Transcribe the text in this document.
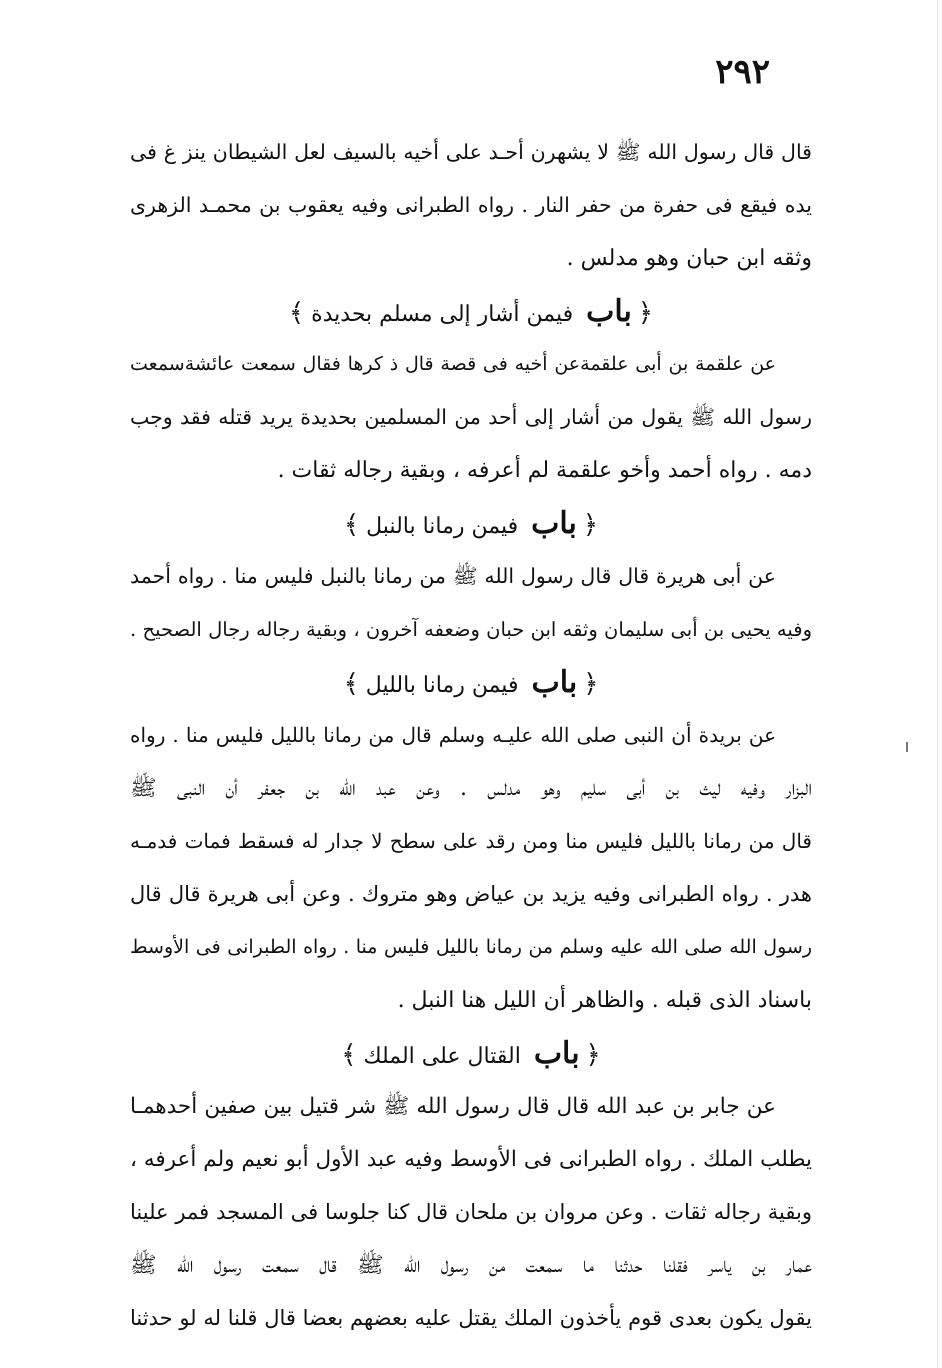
٢٩٢
قال قال رسول الله ﷺ لا يشهرن أحـد على أخيه بالسيف لعل الشيطان ينز غ فى
يده فيقع فى حفرة من حفر النار . رواه الطبرانى وفيه يعقوب بن محمـد الزهرى
وثقه ابن حبان وهو مدلس .
﴿باب فيمن أشار إلى مسلم بحديدة ﴾
عن علقمة بن أبى علقمةعن أخيه فى قصة قال ذ كرها فقال سمعت عائشةسمعت
رسول الله ﷺ يقول من أشار إلى أحد من المسلمين بحديدة يريد قتله فقد وجب
دمه . رواه أحمد وأخو علقمة لم أعرفه ، وبقية رجاله ثقات .
﴿باب فيمن رمانا بالنبل ﴾
عن أبى هريرة قال قال رسول الله ﷺ من رمانا بالنبل فليس منا . رواه أحمد
وفيه يحيى بن أبى سليمان وثقه ابن حبان وضعفه آخرون ، وبقية رجاله رجال الصحيح .
﴿باب فيمن رمانا بالليل ﴾
عن بريدة أن النبى صلى الله عليـه وسلم قال من رمانا بالليل فليس منا . رواه
البزار وفيه ليث بن أبى سليم وهو مدلس . وعن عبد الله بن جعفر أن النبى ﷺ
قال من رمانا بالليل فليس منا ومن رقد على سطح لا جدار له فسقط فمات فدمـه
هدر . رواه الطبرانى وفيه يزيد بن عياض وهو متروك . وعن أبى هريرة قال قال
رسول الله صلى الله عليه وسلم من رمانا بالليل فليس منا . رواه الطبرانى فى الأوسط
باسناد الذى قبله . والظاهر أن الليل هنا النبل .
﴿باب القتال على الملك ﴾
عن جابر بن عبد الله قال قال رسول الله ﷺ شر قتيل بين صفين أحدهمـا
يطلب الملك . رواه الطبرانى فى الأوسط وفيه عبد الأول أبو نعيم ولم أعرفه ،
وبقية رجاله ثقات . وعن مروان بن ملحان قال كنا جلوسا فى المسجد فمر علينا
عمار بن ياسر فقلنا حدثنا ما سمعت من رسول الله ﷺ قال سمعت رسول الله ﷺ
يقول يكون بعدى قوم يأخذون الملك يقتل عليه بعضهم بعضا قال قلنا له لو حدثنا
